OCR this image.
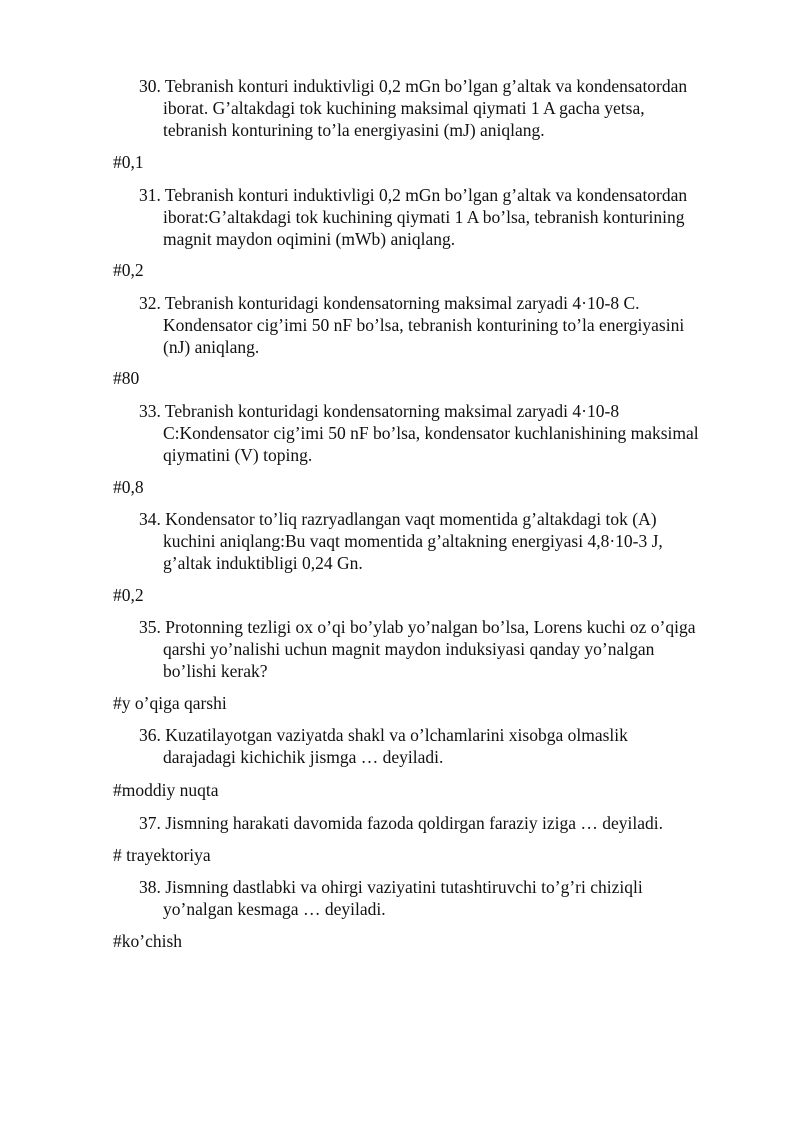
30. Tebranish konturi induktivligi 0,2 mGn bo’lgan g’altak va kondensatordan
iborat. G’altakdagi tok kuchining maksimal qiymati 1 A gacha yetsa,
tebranish konturining to’la energiyasini (mJ) aniqlang.
#0,1
31. Tebranish konturi induktivligi 0,2 mGn bo’lgan g’altak va kondensatordan
iborat:G’altakdagi tok kuchining qiymati 1 A bo’lsa, tebranish konturining
magnit maydon oqimini (mWb) aniqlang.
#0,2
32. Tebranish konturidagi kondensatorning maksimal zaryadi 4·10-8 C.
Kondensator cig’imi 50 nF bo’lsa, tebranish konturining to’la energiyasini
(nJ) aniqlang.
#80
33. Tebranish konturidagi kondensatorning maksimal zaryadi 4·10-8
C:Kondensator cig’imi 50 nF bo’lsa, kondensator kuchlanishining maksimal
qiymatini (V) toping.
#0,8
34. Kondensator to’liq razryadlangan vaqt momentida g’altakdagi tok (A)
kuchini aniqlang:Bu vaqt momentida g’altakning energiyasi 4,8·10-3 J,
g’altak induktibligi 0,24 Gn.
#0,2
35. Protonning tezligi ox o’qi bo’ylab yo’nalgan bo’lsa, Lorens kuchi oz o’qiga
qarshi yo’nalishi uchun magnit maydon induksiyasi qanday yo’nalgan
bo’lishi kerak?
#y o’qiga qarshi
36. Kuzatilayotgan vaziyatda shakl va o’lchamlarini xisobga olmaslik
darajadagi kichichik jismga … deyiladi.
#moddiy nuqta
37. Jismning harakati davomida fazoda qoldirgan faraziy iziga … deyiladi.
# trayektoriya
38. Jismning dastlabki va ohirgi vaziyatini tutashtiruvchi to’g’ri chiziqli
yo’nalgan kesmaga … deyiladi.
#ko’chish
